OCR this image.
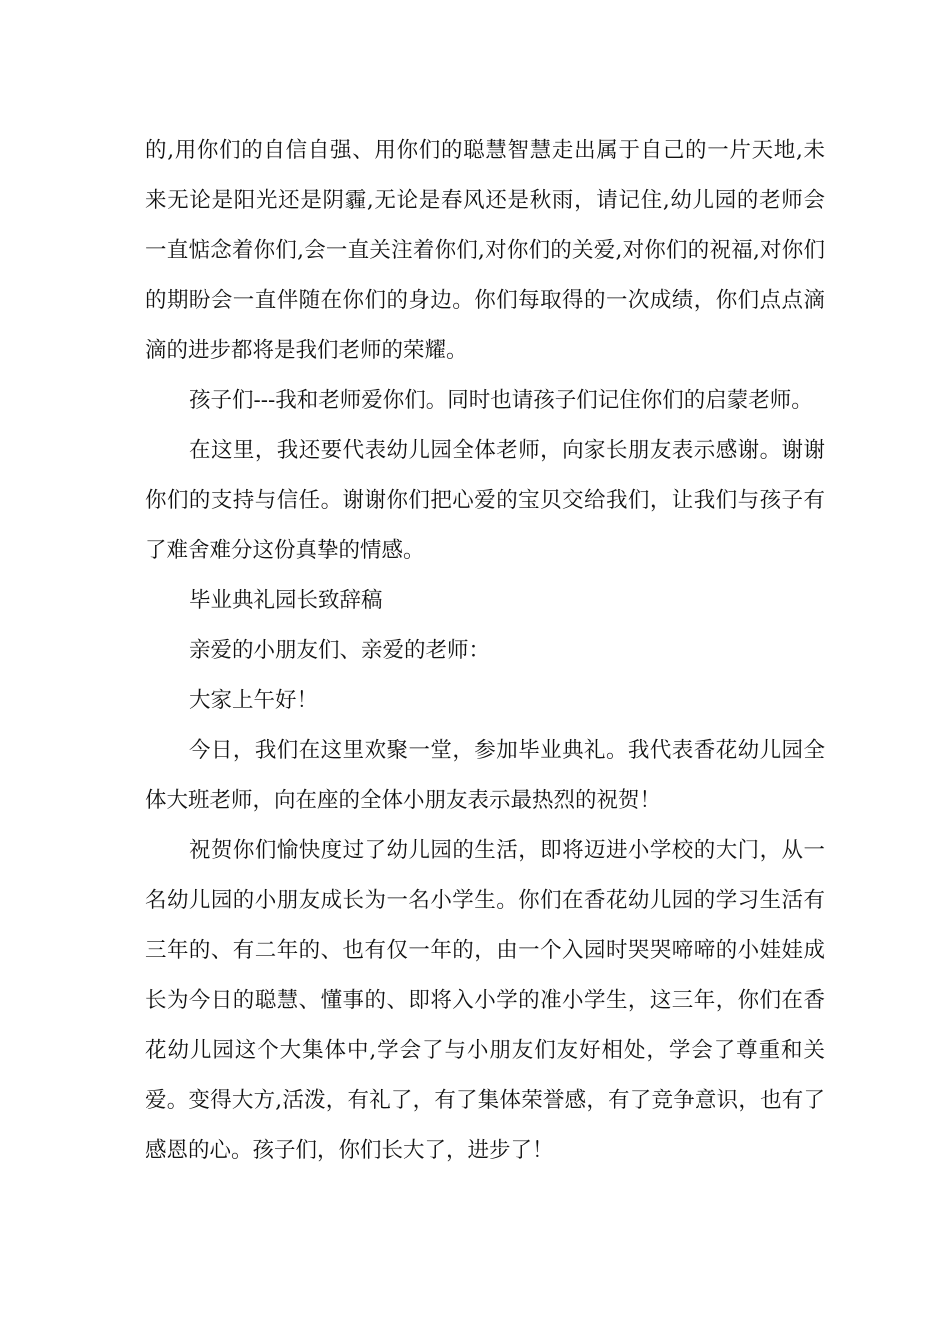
的,用你们的自信自强、用你们的聪慧智慧走出属于自己的一片天地,未来无论是阳光还是阴霾,无论是春风还是秋雨，请记住,幼儿园的老师会一直惦念着你们,会一直关注着你们,对你们的关爱,对你们的祝福,对你们的期盼会一直伴随在你们的身边。你们每取得的一次成绩，你们点点滴滴的进步都将是我们老师的荣耀。

孩子们---我和老师爱你们。同时也请孩子们记住你们的启蒙老师。

在这里，我还要代表幼儿园全体老师，向家长朋友表示感谢。谢谢你们的支持与信任。谢谢你们把心爱的宝贝交给我们，让我们与孩子有了难舍难分这份真挚的情感。

毕业典礼园长致辞稿

亲爱的小朋友们、亲爱的老师：

大家上午好！

今日，我们在这里欢聚一堂，参加毕业典礼。我代表香花幼儿园全体大班老师，向在座的全体小朋友表示最热烈的祝贺！

祝贺你们愉快度过了幼儿园的生活，即将迈进小学校的大门，从一名幼儿园的小朋友成长为一名小学生。你们在香花幼儿园的学习生活有三年的、有二年的、也有仅一年的，由一个入园时哭哭啼啼的小娃娃成长为今日的聪慧、懂事的、即将入小学的准小学生，这三年，你们在香花幼儿园这个大集体中,学会了与小朋友们友好相处，学会了尊重和关爱。变得大方,活泼，有礼了，有了集体荣誉感，有了竞争意识，也有了感恩的心。孩子们，你们长大了，进步了！
